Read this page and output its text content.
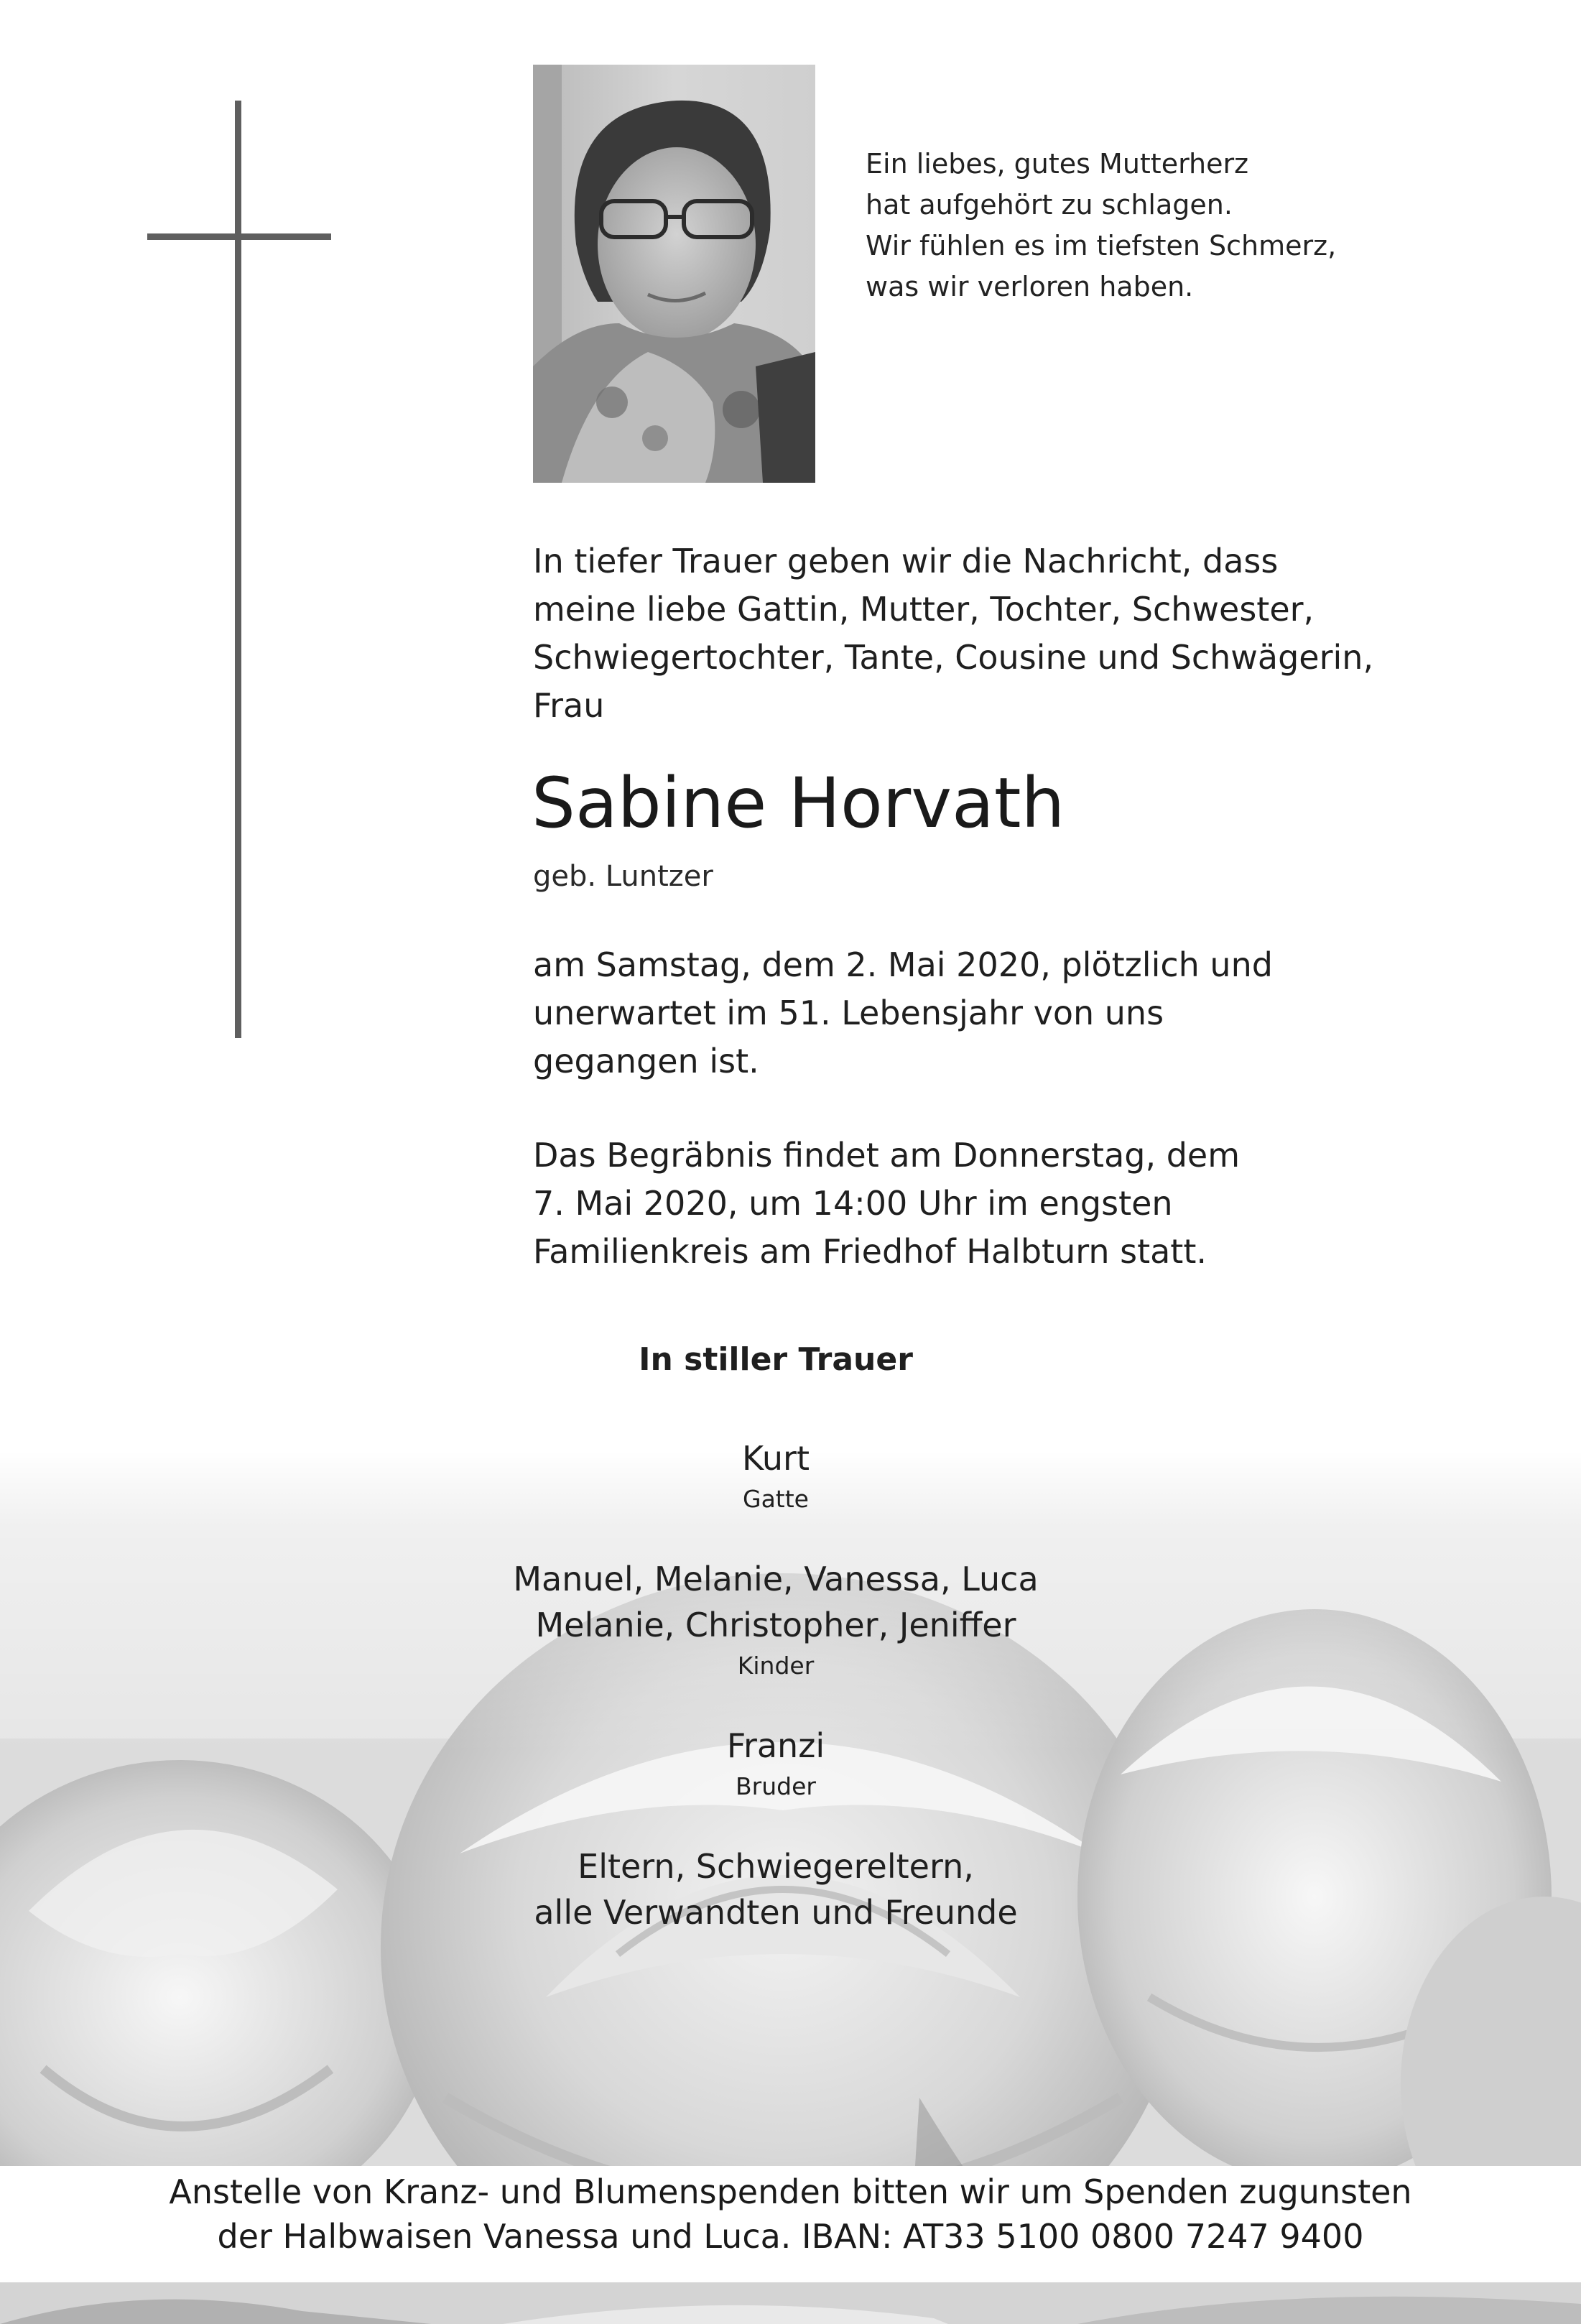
Ein liebes, gutes Mutterherz
hat aufgehört zu schlagen.
Wir fühlen es im tiefsten Schmerz,
was wir verloren haben.
In tiefer Trauer geben wir die Nachricht, dass
meine liebe Gattin, Mutter, Tochter, Schwester,
Schwiegertochter, Tante, Cousine und Schwägerin,
Frau
Sabine Horvath
geb. Luntzer
am Samstag, dem 2. Mai 2020, plötzlich und
unerwartet im 51. Lebensjahr von uns
gegangen ist.
Das Begräbnis findet am Donnerstag, dem
7. Mai 2020, um 14:00 Uhr im engsten
Familienkreis am Friedhof Halbturn statt.
In stiller Trauer
Kurt
Gatte
Manuel, Melanie, Vanessa, Luca
Melanie, Christopher, Jeniffer
Kinder
Franzi
Bruder
Eltern, Schwiegereltern,
alle Verwandten und Freunde
Anstelle von Kranz- und Blumenspenden bitten wir um Spenden zugunsten
der Halbwaisen Vanessa und Luca. IBAN: AT33 5100 0800 7247 9400
